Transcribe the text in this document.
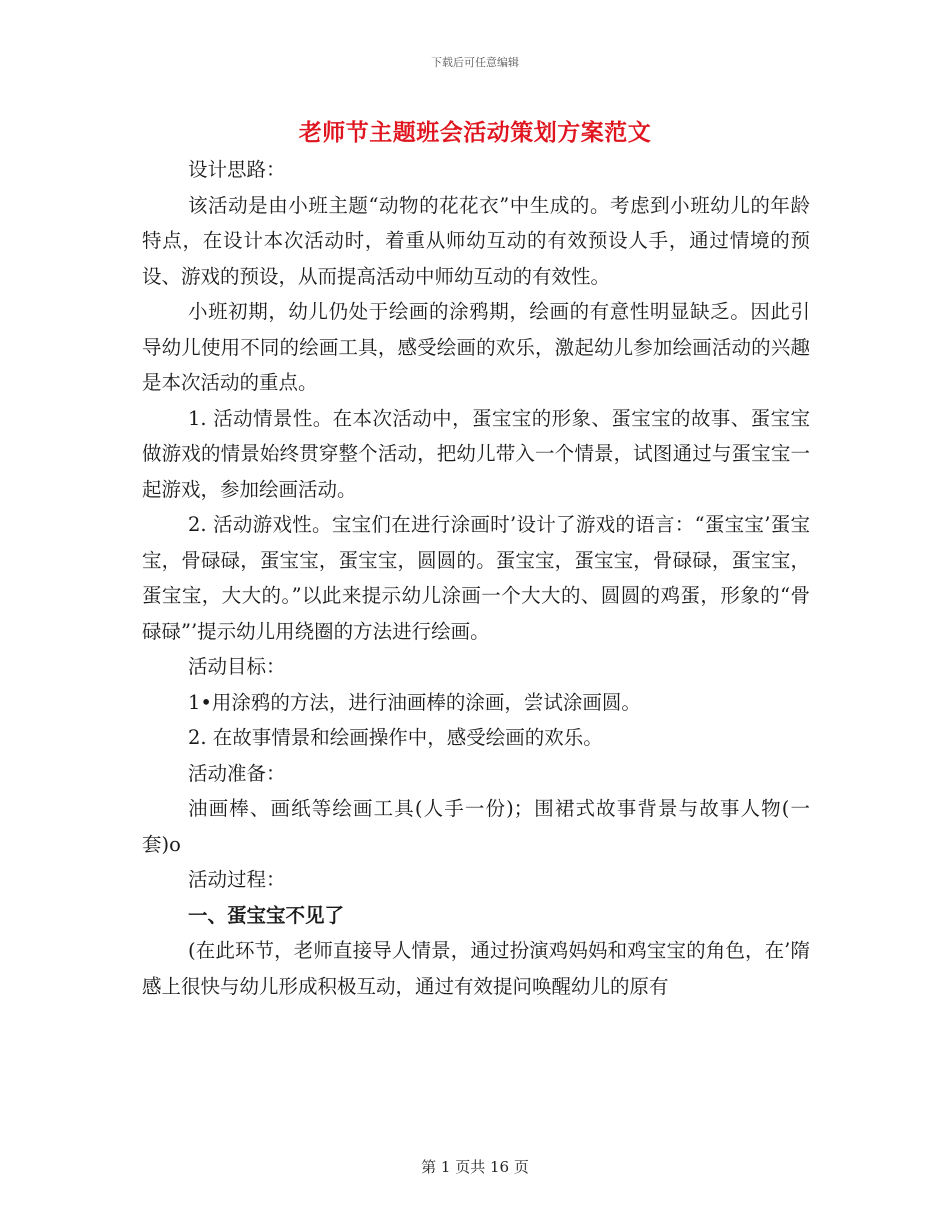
下载后可任意编辑
老师节主题班会活动策划方案范文

设计思路：

该活动是由小班主题“动物的花花衣”中生成的。考虑到小班幼儿的年龄特点，在设计本次活动时，着重从师幼互动的有效预设人手，通过情境的预设、游戏的预设，从而提高活动中师幼互动的有效性。

小班初期，幼儿仍处于绘画的涂鸦期，绘画的有意性明显缺乏。因此引导幼儿使用不同的绘画工具，感受绘画的欢乐，激起幼儿参加绘画活动的兴趣是本次活动的重点。

1. 活动情景性。在本次活动中，蛋宝宝的形象、蛋宝宝的故事、蛋宝宝做游戏的情景始终贯穿整个活动，把幼儿带入一个情景，试图通过与蛋宝宝一起游戏，参加绘画活动。

2. 活动游戏性。宝宝们在进行涂画时’设计了游戏的语言：“蛋宝宝’蛋宝宝，骨碌碌，蛋宝宝，蛋宝宝，圆圆的。蛋宝宝，蛋宝宝，骨碌碌，蛋宝宝，蛋宝宝，大大的。”以此来提示幼儿涂画一个大大的、圆圆的鸡蛋，形象的“骨碌碌”’提示幼儿用绕圈的方法进行绘画。

活动目标：

1•用涂鸦的方法，进行油画棒的涂画，尝试涂画圆。

2. 在故事情景和绘画操作中，感受绘画的欢乐。

活动准备：

油画棒、画纸等绘画工具(人手一份)；围裙式故事背景与故事人物(一套)o

活动过程：

一、蛋宝宝不见了

(在此环节，老师直接导人情景，通过扮演鸡妈妈和鸡宝宝的角色，在’隋感上很快与幼儿形成积极互动，通过有效提问唤醒幼儿的原有

第 1 页共 16 页
